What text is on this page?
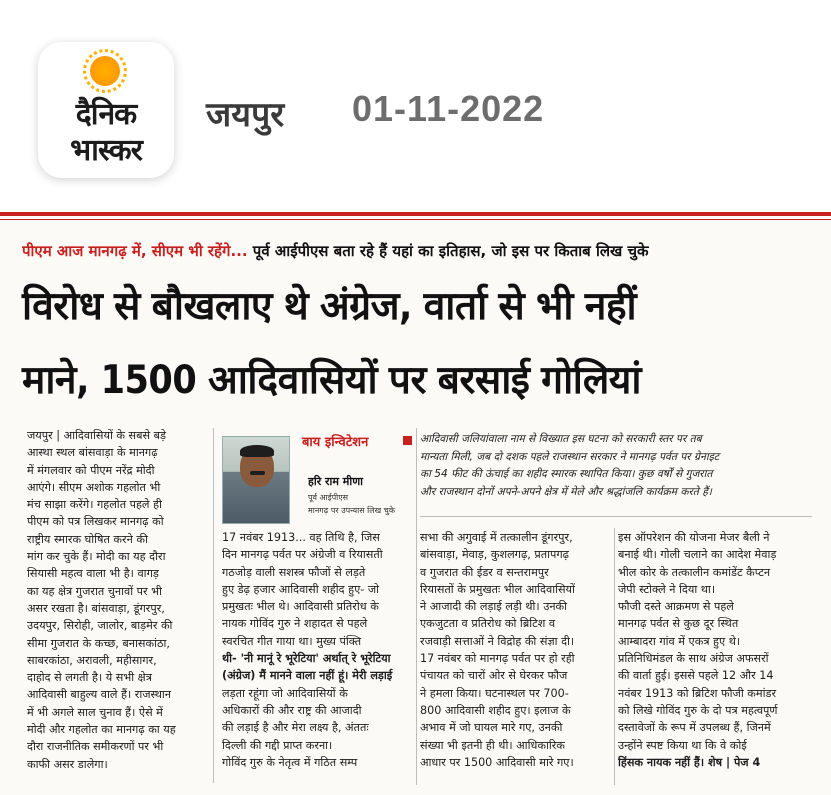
दैनिक
भास्कर
जयपुर 01-11-2022
पीएम आज मानगढ़ में, सीएम भी रहेंगे... पूर्व आईपीएस बता रहे हैं यहां का इतिहास, जो इस पर किताब लिख चुके
विरोध से बौखलाए थे अंग्रेज, वार्ता से भी नहीं
माने, 1500 आदिवासियों पर बरसाई गोलियां

जयपुर | आदिवासियों के सबसे बड़े

आस्था स्थल बांसवाड़ा के मानगढ़

में मंगलवार को पीएम नरेंद्र मोदी

आएंगे। सीएम अशोक गहलोत भी

मंच साझा करेंगे। गहलोत पहले ही

पीएम को पत्र लिखकर मानगढ़ को

राष्ट्रीय स्मारक घोषित करने की

मांग कर चुके हैं। मोदी का यह दौरा

सियासी महत्व वाला भी है। वागड़

का यह क्षेत्र गुजरात चुनावों पर भी

असर रखता है। बांसवाड़ा, डूंगरपुर,

उदयपुर, सिरोही, जालोर, बाड़मेर की

सीमा गुजरात के कच्छ, बनासकांठा,

साबरकांठा, अरावली, महीसागर,

दाहोद से लगती है। ये सभी क्षेत्र

आदिवासी बाहुल्य वाले हैं। राजस्थान

में भी अगले साल चुनाव हैं। ऐसे में

मोदी और गहलोत का मानगढ़ का यह

दौरा राजनीतिक समीकरणों पर भी

काफी असर डालेगा।

बाय इन्विटेशन
हरि राम मीणा
पूर्व आईपीएस
मानगढ़ पर उपन्यास लिख चुके
आदिवासी जलियांवाला नाम से विख्यात इस घटना को सरकारी स्तर पर तब
मान्यता मिली, जब दो दशक पहले राजस्थान सरकार ने मानगढ़ पर्वत पर ग्रेनाइट
का 54 फीट की ऊंचाई का शहीद स्मारक स्थापित किया। कुछ वर्षों से गुजरात
और राजस्थान दोनों अपने-अपने क्षेत्र में मेले और श्रद्धांजलि कार्यक्रम करते हैं।

17 नवंबर 1913... वह तिथि है, जिस

दिन मानगढ़ पर्वत पर अंग्रेजी व रियासती

गठजोड़ वाली सशस्त्र फौजों से लड़ते

हुए डेढ़ हजार आदिवासी शहीद हुए- जो

प्रमुखतः भील थे। आदिवासी प्रतिरोध के

नायक गोविंद गुरु ने शहादत से पहले

स्वरचित गीत गाया था। मुख्य पंक्ति

थी- 'नी मानूं रे भूरेटिया' अर्थात् रे भूरेटिया

(अंग्रेज) मैं मानने वाला नहीं हूं। मेरी लड़ाई

लड़ता रहूंगा जो आदिवासियों के

अधिकारों की और राष्ट्र की आजादी

की लड़ाई है और मेरा लक्ष्य है, अंततः

दिल्ली की गद्दी प्राप्त करना।

गोविंद गुरु के नेतृत्व में गठित सम्प

सभा की अगुवाई में तत्कालीन डूंगरपुर,

बांसवाड़ा, मेवाड़, कुशलगढ़, प्रतापगढ़

व गुजरात की ईडर व सन्तरामपुर

रियासतों के प्रमुखतः भील आदिवासियों

ने आजादी की लड़ाई लड़ी थी। उनकी

एकजुटता व प्रतिरोध को ब्रिटिश व

रजवाड़ी सत्ताओं ने विद्रोह की संज्ञा दी।

17 नवंबर को मानगढ़ पर्वत पर हो रही

पंचायत को चारों ओर से घेरकर फौज

ने हमला किया। घटनास्थल पर 700-

800 आदिवासी शहीद हुए। इलाज के

अभाव में जो घायल मारे गए, उनकी

संख्या भी इतनी ही थी। आधिकारिक

आधार पर 1500 आदिवासी मारे गए।

इस ऑपरेशन की योजना मेजर बैली ने

बनाई थी। गोली चलाने का आदेश मेवाड़

भील कोर के तत्कालीन कमांडेंट कैप्टन

जेपी स्टोक्ले ने दिया था।

फौजी दस्ते आक्रमण से पहले

मानगढ़ पर्वत से कुछ दूर स्थित

आम्बादरा गांव में एकत्र हुए थे।

प्रतिनिधिमंडल के साथ अंग्रेज अफसरों

की वार्ता हुई। इससे पहले 12 और 14

नवंबर 1913 को ब्रिटिश फौजी कमांडर

को लिखे गोविंद गुरु के दो पत्र महत्वपूर्ण

दस्तावेजों के रूप में उपलब्ध हैं, जिनमें

उन्होंने स्पष्ट किया था कि वे कोई

हिंसक नायक नहीं हैं। शेष | पेज 4
